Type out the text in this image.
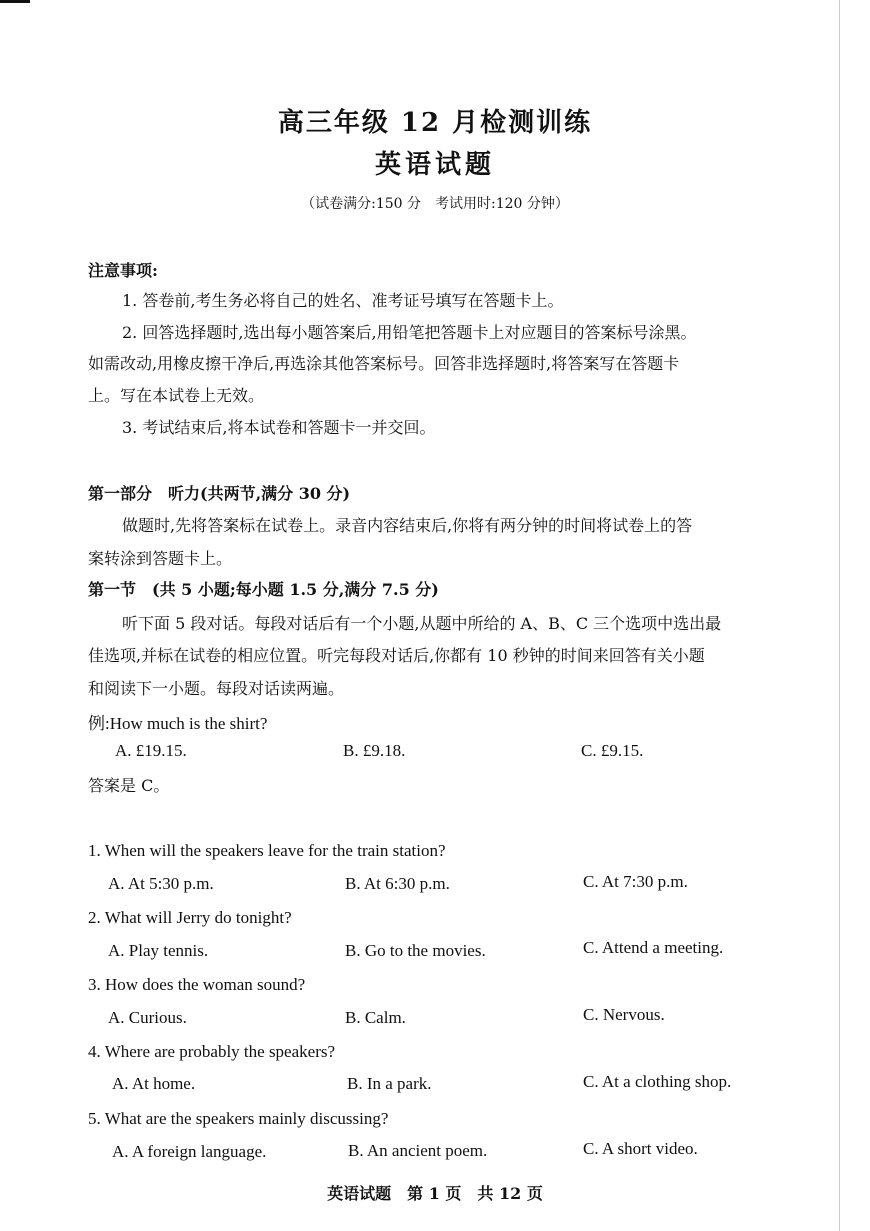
高三年级 12 月检测训练
英语试题
（试卷满分:150 分　考试用时:120 分钟）
注意事项:
1. 答卷前,考生务必将自己的姓名、准考证号填写在答题卡上。
2. 回答选择题时,选出每小题答案后,用铅笔把答题卡上对应题目的答案标号涂黑。
如需改动,用橡皮擦干净后,再选涂其他答案标号。回答非选择题时,将答案写在答题卡
上。写在本试卷上无效。
3. 考试结束后,将本试卷和答题卡一并交回。
第一部分　听力(共两节,满分 30 分)
做题时,先将答案标在试卷上。录音内容结束后,你将有两分钟的时间将试卷上的答
案转涂到答题卡上。
第一节　(共 5 小题;每小题 1.5 分,满分 7.5 分)
听下面 5 段对话。每段对话后有一个小题,从题中所给的 A、B、C 三个选项中选出最
佳选项,并标在试卷的相应位置。听完每段对话后,你都有 10 秒钟的时间来回答有关小题
和阅读下一小题。每段对话读两遍。
例:How much is the shirt?
A. £19.15.	B. £9.18.	C. £9.15.
答案是 C。
1. When will the speakers leave for the train station?
A. At 5:30 p.m.	B. At 6:30 p.m.	C. At 7:30 p.m.
2. What will Jerry do tonight?
A. Play tennis.	B. Go to the movies.	C. Attend a meeting.
3. How does the woman sound?
A. Curious.	B. Calm.	C. Nervous.
4. Where are probably the speakers?
A. At home.	B. In a park.	C. At a clothing shop.
5. What are the speakers mainly discussing?
A. A foreign language.	B. An ancient poem.	C. A short video.
英语试题　第 1 页　共 12 页
